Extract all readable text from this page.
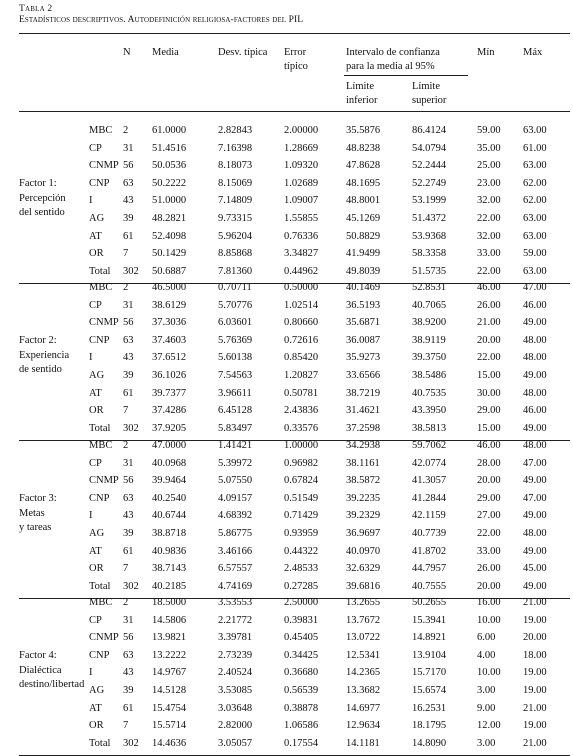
Tabla 2
Estadísticos descriptivos. Autodefinición religiosa-factores del PIL
N Media	Desv. típica Error
típico
Intervalo de confianza
para la media al 95%
Mín	Máx
Límite
inferior
Límite
superior
Factor 1:
Percepción
del sentido
MBC 2 61.0000	2.82843	2.00000	35.5876	86.4124	59.00 63.00
CP 31 51.4516	7.16398	1.28669	48.8238	54.0794	35.00 61.00
CNMP 56 50.0536	8.18073	1.09320	47.8628	52.2444	25.00 63.00
CNP 63 50.2222	8.15069	1.02689	48.1695	52.2749	23.00 62.00
I	43 51.0000	7.14809	1.09007	48.8001	53.1999	32.00 62.00
AG 39 48.2821	9.73315	1.55855	45.1269	51.4372	22.00 63.00
AT 61 52.4098	5.96204	0.76336	50.8829	53.9368	32.00 63.00
OR 7 50.1429	8.85868	3.34827	41.9499	58.3358	33.00 59.00
Total 302 50.6887	7.81360	0.44962	49.8039	51.5735	22.00 63.00
Factor 2:
Experiencia
de sentido
MBC 2 46.5000	0.70711	0.50000	40.1469	52.8531	46.00 47.00
CP 31 38.6129	5.70776	1.02514	36.5193	40.7065	26.00 46.00
CNMP 56 37.3036	6.03601	0.80660	35.6871	38.9200	21.00 49.00
CNP 63 37.4603	5.76369	0.72616	36.0087	38.9119	20.00 48.00
I	43 37.6512	5.60138	0.85420	35.9273	39.3750	22.00 48.00
AG 39 36.1026	7.54563	1.20827	33.6566	38.5486	15.00 49.00
AT 61 39.7377	3.96611	0.50781	38.7219	40.7535	30.00 48.00
OR 7 37.4286	6.45128	2.43836	31.4621	43.3950	29.00 46.00
Total 302 37.9205	5.83497	0.33576	37.2598	38.5813	15.00 49.00
Factor 3:
Metas
y tareas
MBC 2 47.0000	1.41421	1.00000	34.2938	59.7062	46.00 48.00
CP 31 40.0968	5.39972	0.96982	38.1161	42.0774	28.00 47.00
CNMP 56 39.9464	5.07550	0.67824	38.5872	41.3057	20.00 49.00
CNP 63 40.2540	4.09157	0.51549	39.2235	41.2844	29.00 47.00
I	43 40.6744	4.68392	0.71429	39.2329	42.1159	27.00 49.00
AG 39 38.8718	5.86775	0.93959	36.9697	40.7739	22.00 48.00
AT 61 40.9836	3.46166	0.44322	40.0970	41.8702	33.00 49.00
OR 7 38.7143	6.57557	2.48533	32.6329	44.7957	26.00 45.00
Total 302 40.2185	4.74169	0.27285	39.6816	40.7555	20.00 49.00
Factor 4:
Dialéctica
destino/libertad
MBC 2 18.5000	3.53553	2.50000	13.2655	50.2655	16.00 21.00
CP 31 14.5806	2.21772	0.39831	13.7672	15.3941	10.00 19.00
CNMP 56 13.9821	3.39781	0.45405	13.0722	14.8921	6.00	20.00
CNP 63 13.2222	2.73239	0.34425	12.5341	13.9104	4.00	18.00
I	43 14.9767	2.40524	0.36680	14.2365	15.7170	10.00 19.00
AG 39 14.5128	3.53085	0.56539	13.3682	15.6574	3.00	19.00
AT 61 15.4754	3.03648	0.38878	14.6977	16.2531	9.00	21.00
OR 7 15.5714	2.82000	1.06586	12.9634	18.1795	12.00 19.00
Total 302 14.4636	3.05057	0.17554	14.1181	14.8090	3.00	21.00
